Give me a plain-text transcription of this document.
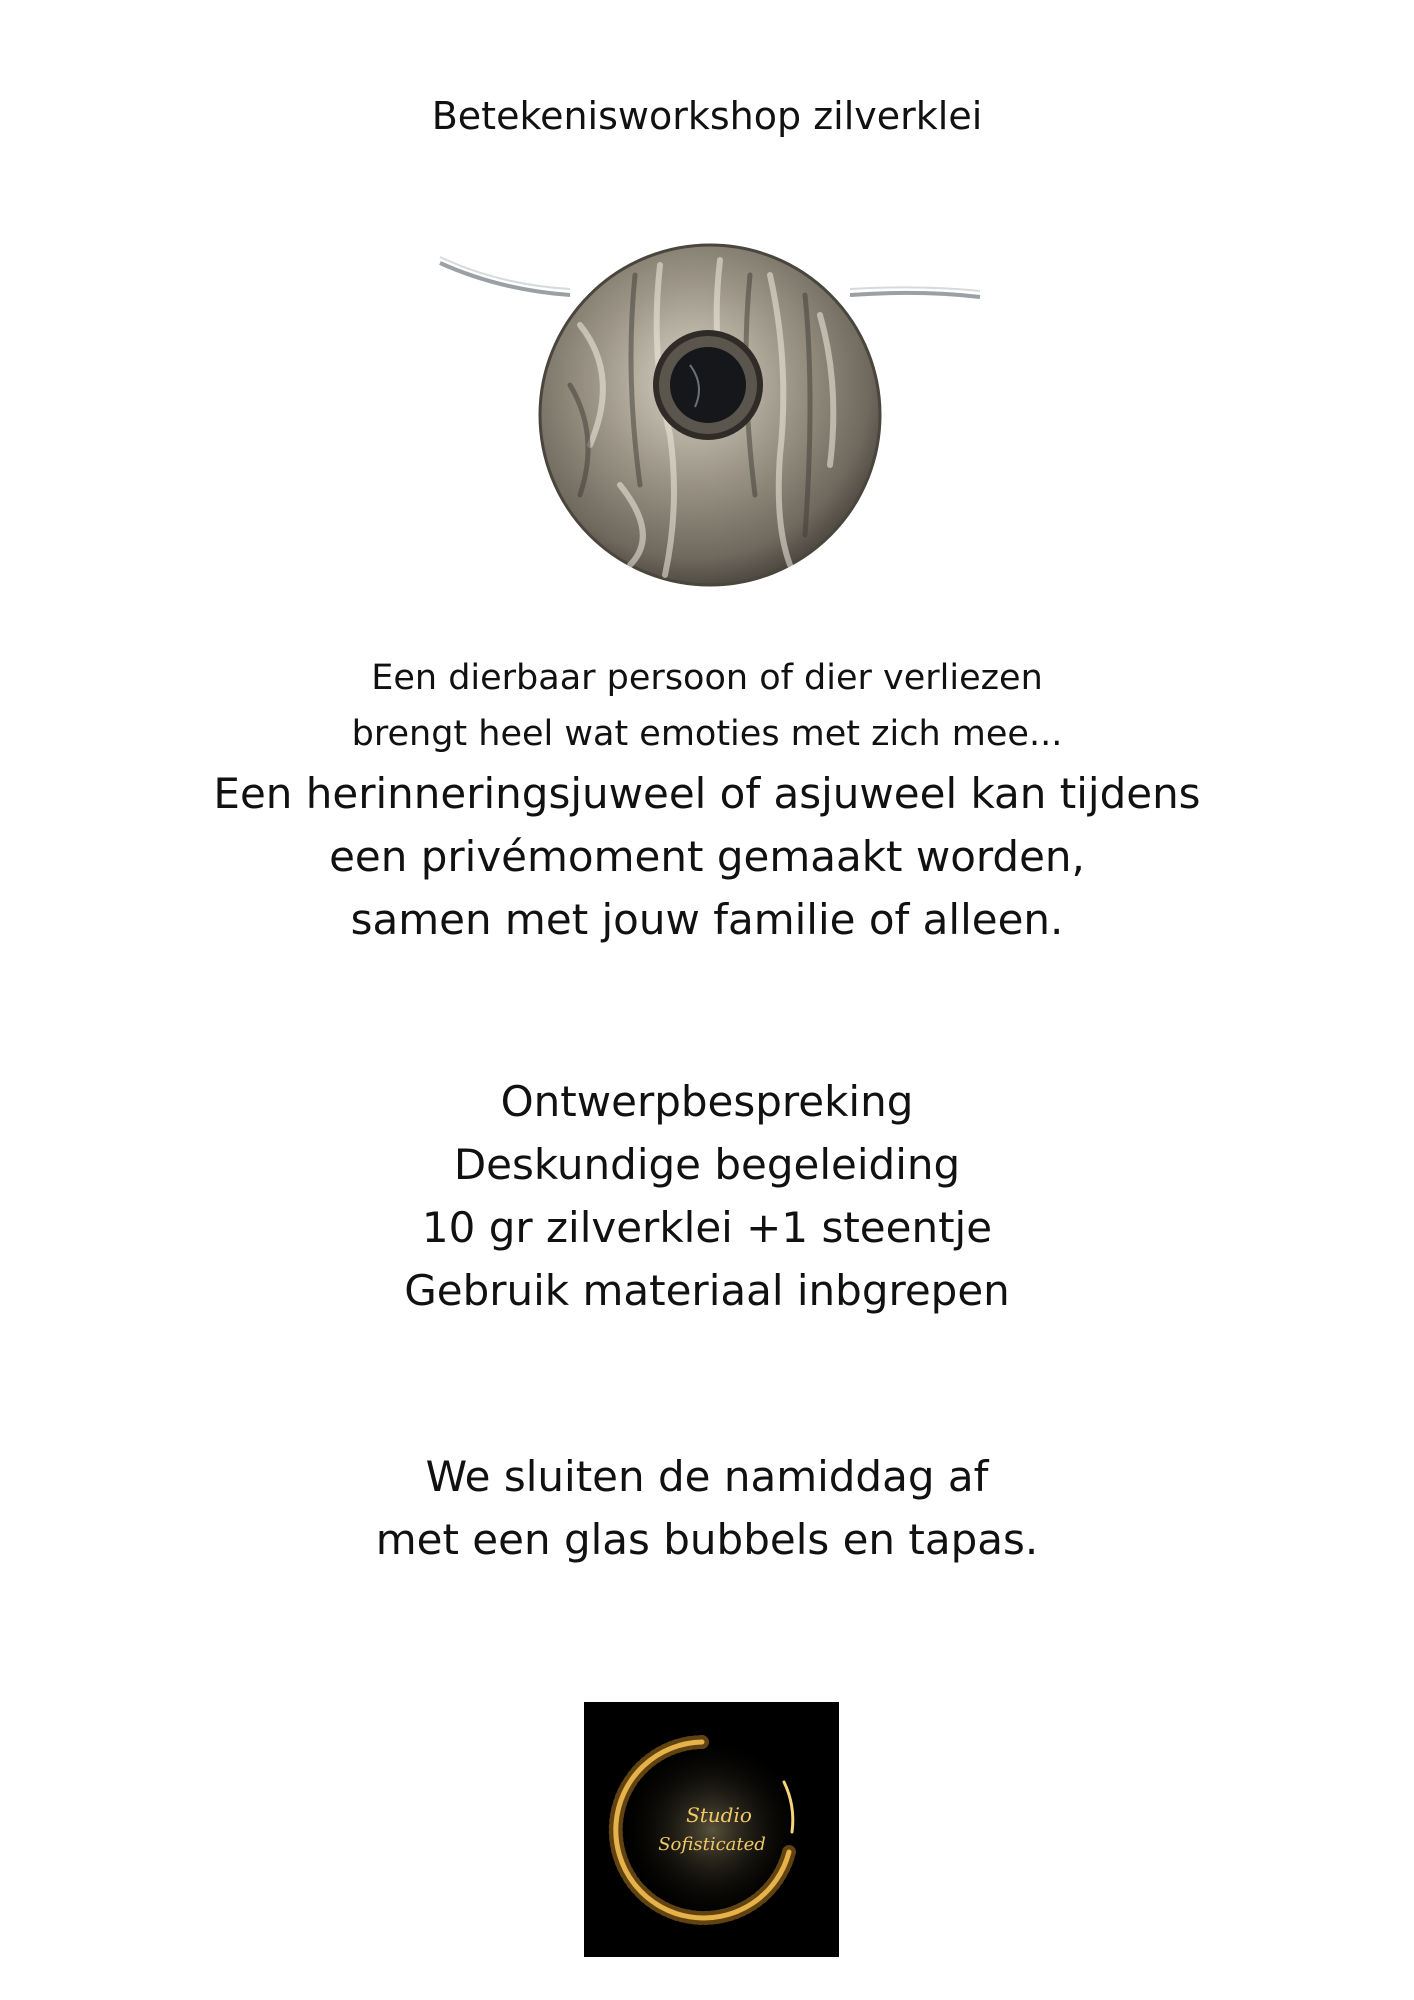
Betekenisworkshop zilverklei
Een dierbaar persoon of dier verliezen
brengt heel wat emoties met zich mee...
Een herinneringsjuweel of asjuweel kan tijdens
een privémoment gemaakt worden,
samen met jouw familie of alleen.
Ontwerpbespreking
Deskundige begeleiding
10 gr zilverklei +1 steentje
Gebruik materiaal inbgrepen
We sluiten de namiddag af
met een glas bubbels en tapas.
Studio
Sofisticated
